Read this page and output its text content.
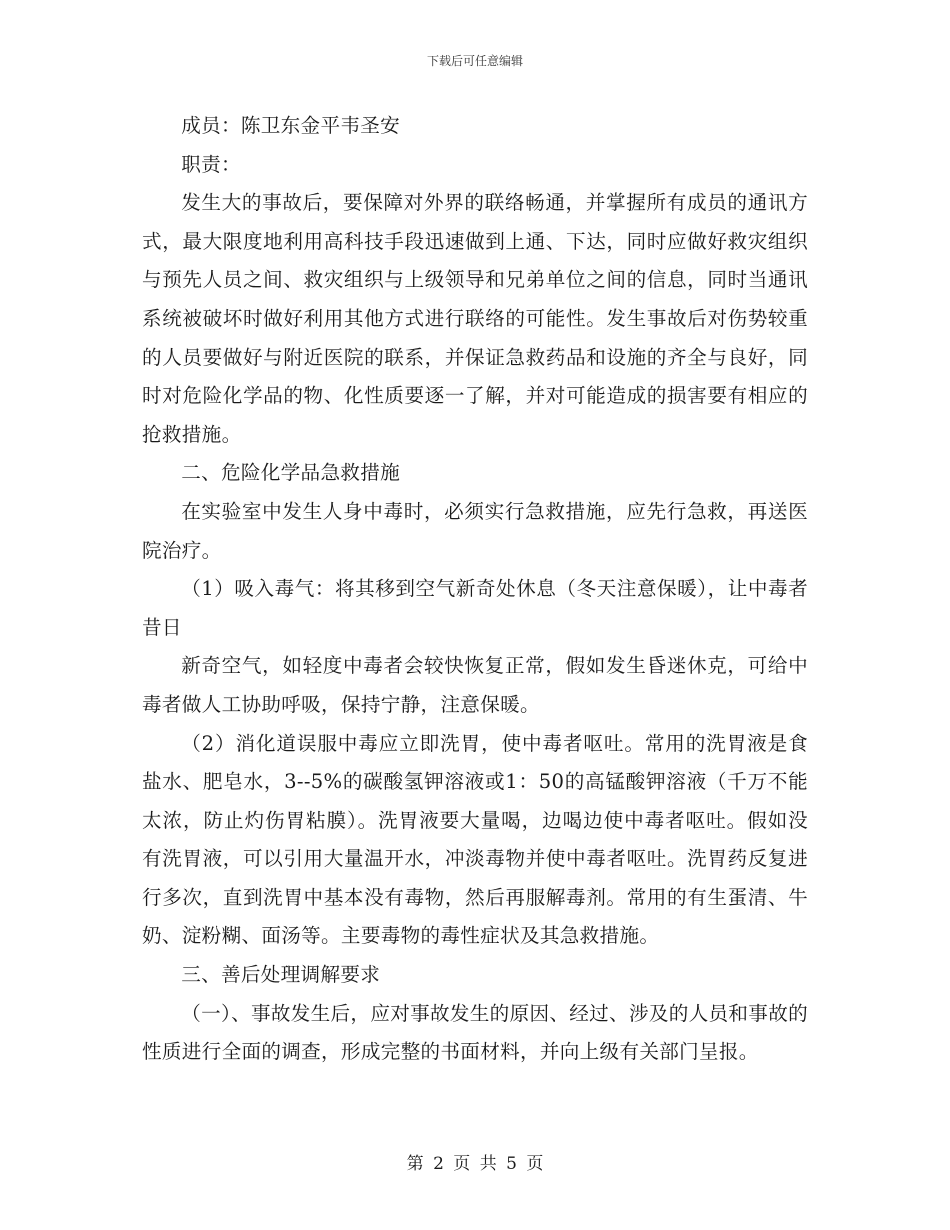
下载后可任意编辑

成员：陈卫东金平韦圣安

职责：

发生大的事故后，要保障对外界的联络畅通，并掌握所有成员的通讯方式，最大限度地利用高科技手段迅速做到上通、下达，同时应做好救灾组织与预先人员之间、救灾组织与上级领导和兄弟单位之间的信息，同时当通讯系统被破坏时做好利用其他方式进行联络的可能性。发生事故后对伤势较重的人员要做好与附近医院的联系，并保证急救药品和设施的齐全与良好，同时对危险化学品的物、化性质要逐一了解，并对可能造成的损害要有相应的抢救措施。

二、危险化学品急救措施

在实验室中发生人身中毒时，必须实行急救措施，应先行急救，再送医院治疗。

（1）吸入毒气：将其移到空气新奇处休息（冬天注意保暖），让中毒者昔日

新奇空气，如轻度中毒者会较快恢复正常，假如发生昏迷休克，可给中毒者做人工协助呼吸，保持宁静，注意保暖。

（2）消化道误服中毒应立即洗胃，使中毒者呕吐。常用的洗胃液是食盐水、肥皂水，3--5%的碳酸氢钾溶液或1：50的高锰酸钾溶液（千万不能太浓，防止灼伤胃粘膜）。洗胃液要大量喝，边喝边使中毒者呕吐。假如没有洗胃液，可以引用大量温开水，冲淡毒物并使中毒者呕吐。洗胃药反复进行多次，直到洗胃中基本没有毒物，然后再服解毒剂。常用的有生蛋清、牛奶、淀粉糊、面汤等。主要毒物的毒性症状及其急救措施。

三、善后处理调解要求

（一）、事故发生后，应对事故发生的原因、经过、涉及的人员和事故的性质进行全面的调查，形成完整的书面材料，并向上级有关部门呈报。

第 2 页 共 5 页
